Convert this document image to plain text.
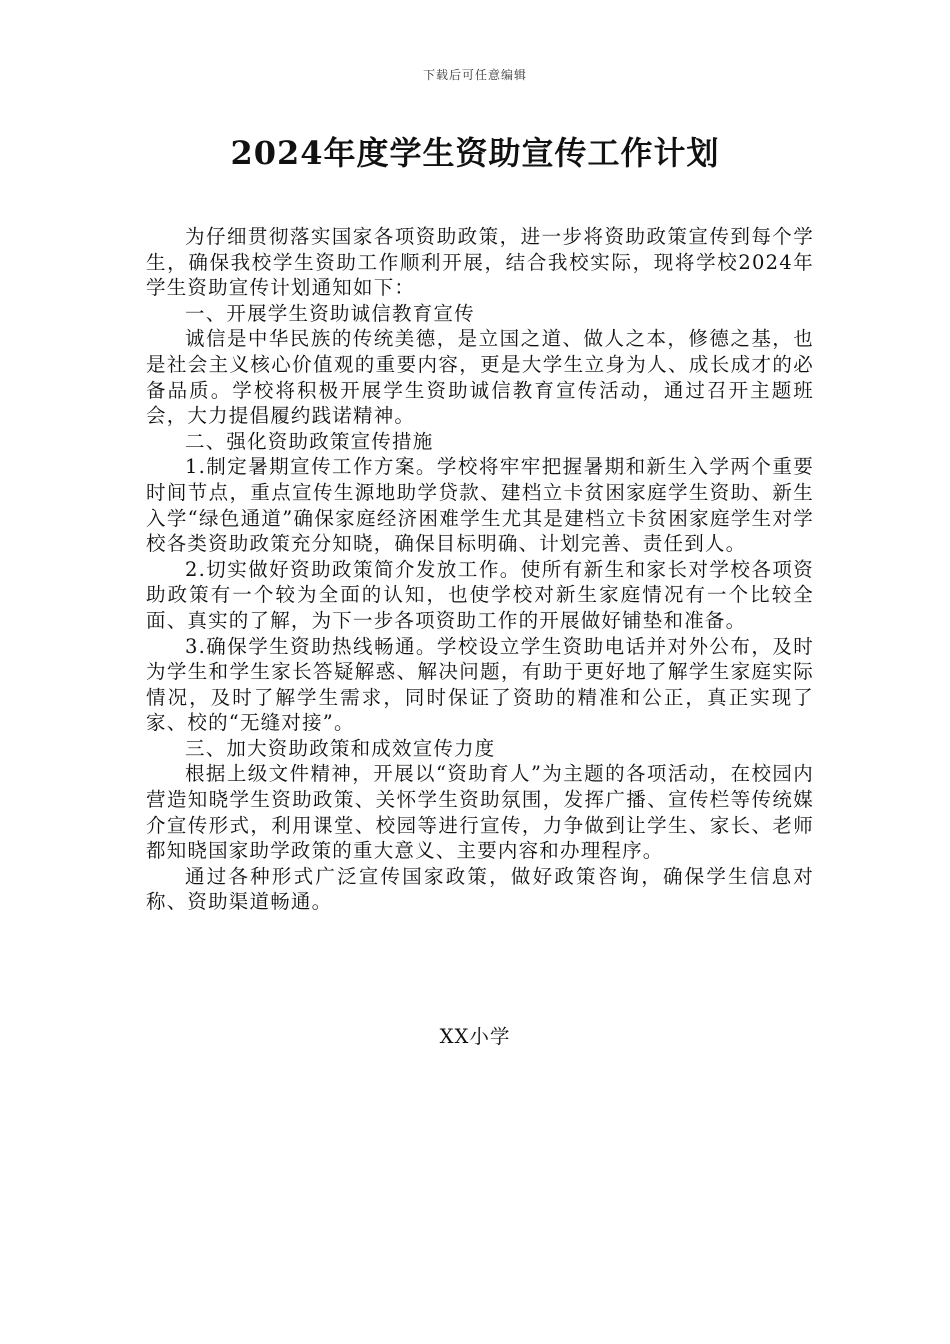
下载后可任意编辑
2024年度学生资助宣传工作计划

为仔细贯彻落实国家各项资助政策，进一步将资助政策宣传到每个学生，确保我校学生资助工作顺利开展，结合我校实际，现将学校2024年学生资助宣传计划通知如下：

一、开展学生资助诚信教育宣传

诚信是中华民族的传统美德，是立国之道、做人之本，修德之基，也是社会主义核心价值观的重要内容，更是大学生立身为人、成长成才的必备品质。学校将积极开展学生资助诚信教育宣传活动，通过召开主题班会，大力提倡履约践诺精神。

二、强化资助政策宣传措施

1.制定暑期宣传工作方案。学校将牢牢把握暑期和新生入学两个重要时间节点，重点宣传生源地助学贷款、建档立卡贫困家庭学生资助、新生入学“绿色通道”确保家庭经济困难学生尤其是建档立卡贫困家庭学生对学校各类资助政策充分知晓，确保目标明确、计划完善、责任到人。

2.切实做好资助政策简介发放工作。使所有新生和家长对学校各项资助政策有一个较为全面的认知，也使学校对新生家庭情况有一个比较全面、真实的了解，为下一步各项资助工作的开展做好铺垫和准备。

3.确保学生资助热线畅通。学校设立学生资助电话并对外公布，及时为学生和学生家长答疑解惑、解决问题，有助于更好地了解学生家庭实际情况，及时了解学生需求，同时保证了资助的精准和公正，真正实现了家、校的“无缝对接”。

三、加大资助政策和成效宣传力度

根据上级文件精神，开展以“资助育人”为主题的各项活动，在校园内营造知晓学生资助政策、关怀学生资助氛围，发挥广播、宣传栏等传统媒介宣传形式，利用课堂、校园等进行宣传，力争做到让学生、家长、老师都知晓国家助学政策的重大意义、主要内容和办理程序。

通过各种形式广泛宣传国家政策，做好政策咨询，确保学生信息对称、资助渠道畅通。

XX小学
